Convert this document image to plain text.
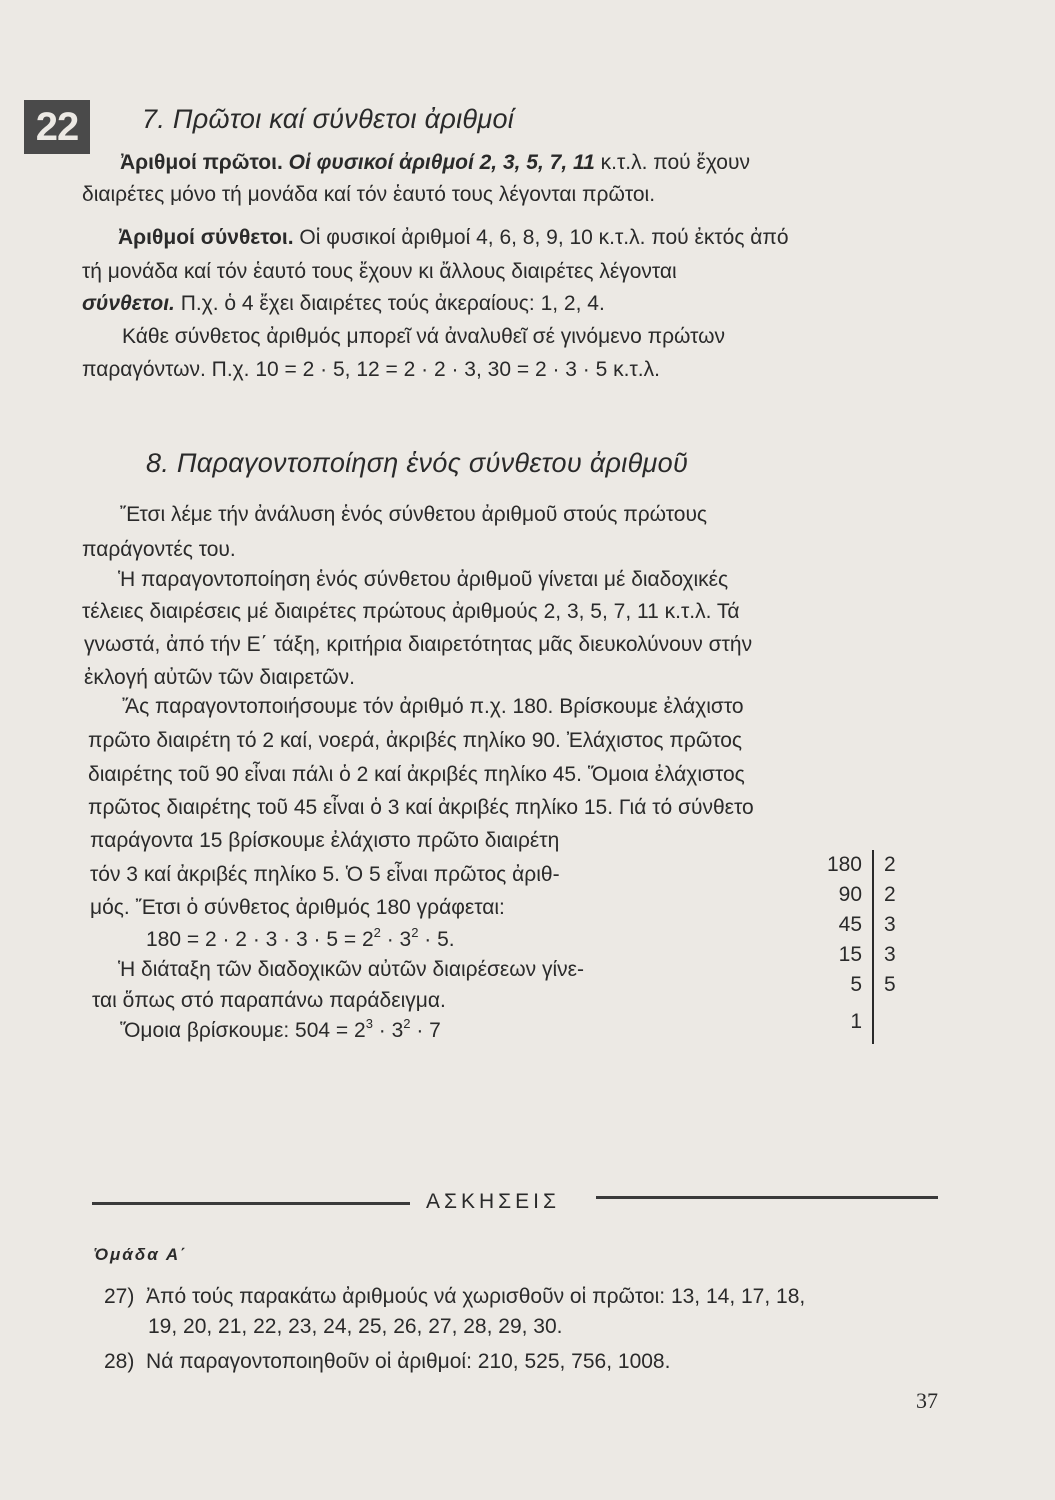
22	7. Πρῶτοι καί σύνθετοι ἀριθμοί
Ἀριθμοί πρῶτοι. Οἱ φυσικοί ἀριθμοί 2, 3, 5, 7, 11 κ.τ.λ. πού ἔχουν
διαιρέτες μόνο τή μονάδα καί τόν ἑαυτό τους λέγονται πρῶτοι.
Ἀριθμοί σύνθετοι. Οἱ φυσικοί ἀριθμοί 4, 6, 8, 9, 10 κ.τ.λ. πού ἐκτός ἀπό
τή μονάδα καί τόν ἑαυτό τους ἔχουν κι ἄλλους διαιρέτες λέγονται
σύνθετοι. Π.χ. ὁ 4 ἔχει διαιρέτες τούς ἀκεραίους: 1, 2, 4.
Κάθε σύνθετος ἀριθμός μπορεῖ νά ἀναλυθεῖ σέ γινόμενο πρώτων
παραγόντων. Π.χ. 10 = 2 · 5, 12 = 2 · 2 · 3, 30 = 2 · 3 · 5 κ.τ.λ.
8. Παραγοντοποίηση ἑνός σύνθετου ἀριθμοῦ
Ἔτσι λέμε τήν ἀνάλυση ἑνός σύνθετου ἀριθμοῦ στούς πρώτους
παράγοντές του.
Ἡ παραγοντοποίηση ἑνός σύνθετου ἀριθμοῦ γίνεται μέ διαδοχικές
τέλειες διαιρέσεις μέ διαιρέτες πρώτους ἀριθμούς 2, 3, 5, 7, 11 κ.τ.λ. Τά
γνωστά, ἀπό τήν Ε΄ τάξη, κριτήρια διαιρετότητας μᾶς διευκολύνουν στήν
ἐκλογή αὐτῶν τῶν διαιρετῶν.
Ἄς παραγοντοποιήσουμε τόν ἀριθμό π.χ. 180. Βρίσκουμε ἐλάχιστο
πρῶτο διαιρέτη τό 2 καί, νοερά, ἀκριβές πηλίκο 90. Ἐλάχιστος πρῶτος
διαιρέτης τοῦ 90 εἶναι πάλι ὁ 2 καί ἀκριβές πηλίκο 45. Ὅμοια ἐλάχιστος
πρῶτος διαιρέτης τοῦ 45 εἶναι ὁ 3 καί ἀκριβές πηλίκο 15. Γιά τό σύνθετο
παράγοντα 15 βρίσκουμε ἐλάχιστο πρῶτο διαιρέτη
τόν 3 καί ἀκριβές πηλίκο 5. Ὁ 5 εἶναι πρῶτος ἀριθ-
μός. Ἔτσι ὁ σύνθετος ἀριθμός 180 γράφεται:
$180 = 2 \cdot 2 \cdot 3 \cdot 3 \cdot 5 = 2^2 \cdot 3^2 \cdot 5$.
Ἡ διάταξη τῶν διαδοχικῶν αὐτῶν διαιρέσεων γίνε-
ται ὅπως στό παραπάνω παράδειγμα.
Ὅμοια βρίσκουμε: $504 = 2^3 \cdot 3^2 \cdot 7$
180	2
90	2
45	3
15	3
5	5
1	
ΑΣΚΗΣΕΙΣ
Ὁμάδα Α΄
27) Ἀπό τούς παρακάτω ἀριθμούς νά χωρισθοῦν οἱ πρῶτοι: 13, 14, 17, 18,
19, 20, 21, 22, 23, 24, 25, 26, 27, 28, 29, 30.
28) Νά παραγοντοποιηθοῦν οἱ ἀριθμοί: 210, 525, 756, 1008.
37
